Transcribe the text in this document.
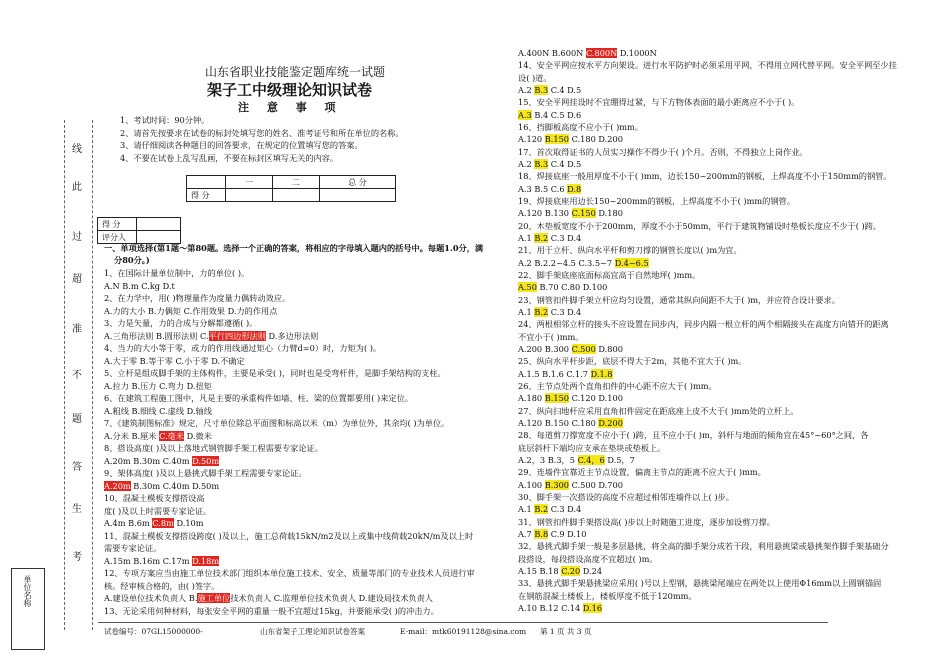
线
此
过
超
准
不
题
答
生
考
单位名称
山东省职业技能鉴定题库统一试题
架子工中级理论知识试卷
注 意 事 项
1、考试时间：90分钟。
2、请首先按要求在试卷的标封处填写您的姓名、准考证号和所在单位的名称。
3、请仔细阅读各种题目的回答要求，在规定的位置填写您的答案。
4、不要在试卷上乱写乱画，不要在标封区填写无关的内容。
	一	二	总 分
得 分			
得 分	
评分人	
一、单项选择(第1题～第80题。选择一个正确的答案，将相应的字母填入题内的括号中。每题1.0分，满
分80分。)
1、在国际计量单位制中，力的单位( )。
A.N B.m C.kg D.t
2、在力学中，用( )物理量作为度量力偶转动效应。
A.力的大小 B.力偶矩 C.作用效果 D.力的作用点
3、力是矢量，力的合成与分解都遵循( )。
A.三角形法则 B.圆形法则 C.平行四边形法则 D.多边形法则
4、当力的大小等于零，或力的作用线通过矩心（力臂d=0）时，力矩为( )。
A.大于零 B.等于零 C.小于零 D.不确定
5、立杆是组成脚手架的主体构件，主要是承受( )，同时也是受弯杆件，是脚手架结构的支柱。
A.拉力 B.压力 C.弯力 D.扭矩
6、在建筑工程施工图中，凡是主要的承重构件如墙、柱、梁的位置都要用( )来定位。
A.粗线 B.细线 C.虚线 D.轴线
7、《建筑制图标准》规定，尺寸单位除总平面图和标高以米（m）为单位外，其余均( )为单位。
A.分米 B.厘米 C.毫米 D.微米
8、搭设高度( )及以上落地式钢管脚手架工程需要专家论证。
A.20m B.30m C.40m D.50m
9、架体高度( )及以上悬挑式脚手架工程需要专家论证。
A.20m B.30m C.40m D.50m
10、混凝土模板支撑搭设高
度( )及以上时需要专家论证。
A.4m B.6m C.8m D.10m
11、混凝土模板支撑搭设跨度( )及以上，施工总荷载15kN/m2及以上或集中线荷载20kN/m及以上时
需要专家论证。
A.15m B.16m C.17m D.18m
12、专项方案应当由施工单位技术部门组织本单位施工技术、安全、质量等部门的专业技术人员进行审
核。经审核合格的，由( )签字。
A.建设单位技术负责人 B.施工单位技术负责人 C.监理单位技术负责人 D.建设局技术负责人
13、无论采用何种材料，每张安全平网的重量一般不宜超过15kg，并要能承受( )的冲击力。
A.400N B.600N C.800N D.1000N
14、安全平网应按水平方向架设。进行水平防护时必须采用平网，不得用立网代替平网。安全平网至少挂
设( )道。
A.2 B.3 C.4 D.5
15、安全平网挂设时不宜绷得过紧，与下方物体表面的最小距离应不小于( )。
A.3 B.4 C.5 D.6
16、挡脚板高度不应小于( )mm。
A.120 B.150 C.180 D.200
17、首次取得证书的人员实习操作不得少于( )个月。否则，不得独立上岗作业。
A.2 B.3 C.4 D.5
18、焊接底座一般用厚度不小于( )mm，边长150~200mm的钢板，上焊高度不小于150mm的钢管。
A.3 B.5 C.6 D.8
19、焊接底座用边长150~200mm的钢板，上焊高度不小于( )mm的钢管。
A.120 B.130 C.150 D.180
20、木垫板宽度不小于200mm，厚度不小于50mm，平行于建筑物铺设时垫板长度应不少于( )跨。
A.1 B.2 C.3 D.4
21、用于立杆、纵向水平杆和剪刀撑的钢管长度以( )m为宜。
A.2 B.2.2~4.5 C.3.5~7 D.4~6.5
22、脚手架底座底面标高宜高于自然地坪( )mm。
A.50 B.70 C.80 D.100
23、钢管扣件脚手架立杆应均匀设置，通常其纵向间距不大于( )m，并应符合设计要求。
A.1 B.2 C.3 D.4
24、两根相邻立杆的接头不应设置在同步内，同步内隔一根立杆的两个相隔接头在高度方向错开的距离
不宜小于( )mm。
A.200 B.300 C.500 D.800
25、纵向水平杆步距，底层不得大于2m，其他不宜大于( )m。
A.1.5 B.1.6 C.1.7 D.1.8
26、主节点处两个直角扣件的中心距不应大于( )mm。
A.180 B.150 C.120 D.100
27、纵向扫地杆应采用直角扣件固定在距底座上皮不大于( )mm处的立杆上。
A.120 B.150 C.180 D.200
28、每道剪刀撑宽度不应小于( )跨，且不应小于( )m，斜杆与地面的倾角宜在45°~60°之间，各
底层斜杆下端均应支承在垫块或垫板上。
A.2，3 B.3，5 C.4，6 D.5，7
29、连墙件宜靠近主节点设置，偏离主节点的距离不应大于( )mm。
A.100 B.300 C.500 D.700
30、脚手架一次搭设的高度不应超过相邻连墙件以上( )步。
A.1 B.2 C.3 D.4
31、钢管扣件脚手架搭设高( )步以上时随施工进度，逐步加设剪刀撑。
A.7 B.8 C.9 D.10
32、悬挑式脚手架一般是多层悬挑，将全高的脚手架分成若干段，利用悬挑梁或悬挑架作脚手架基础分
段搭设，每段搭设高度不宜超过( )m。
A.15 B.18 C.20 D.24
33、悬挑式脚手架悬挑梁应采用( )号以上型钢，悬挑梁尾端应在两处以上使用Φ16mm以上圆钢锚固
在钢筋混凝土楼板上，楼板厚度不低于120mm。
A.10 B.12 C.14 D.16
试卷编号：07GL15000000-	山东省架子工理论知识试卷答案	E-mail：mtk60191128@sina.com 第 1 页 共 3 页
